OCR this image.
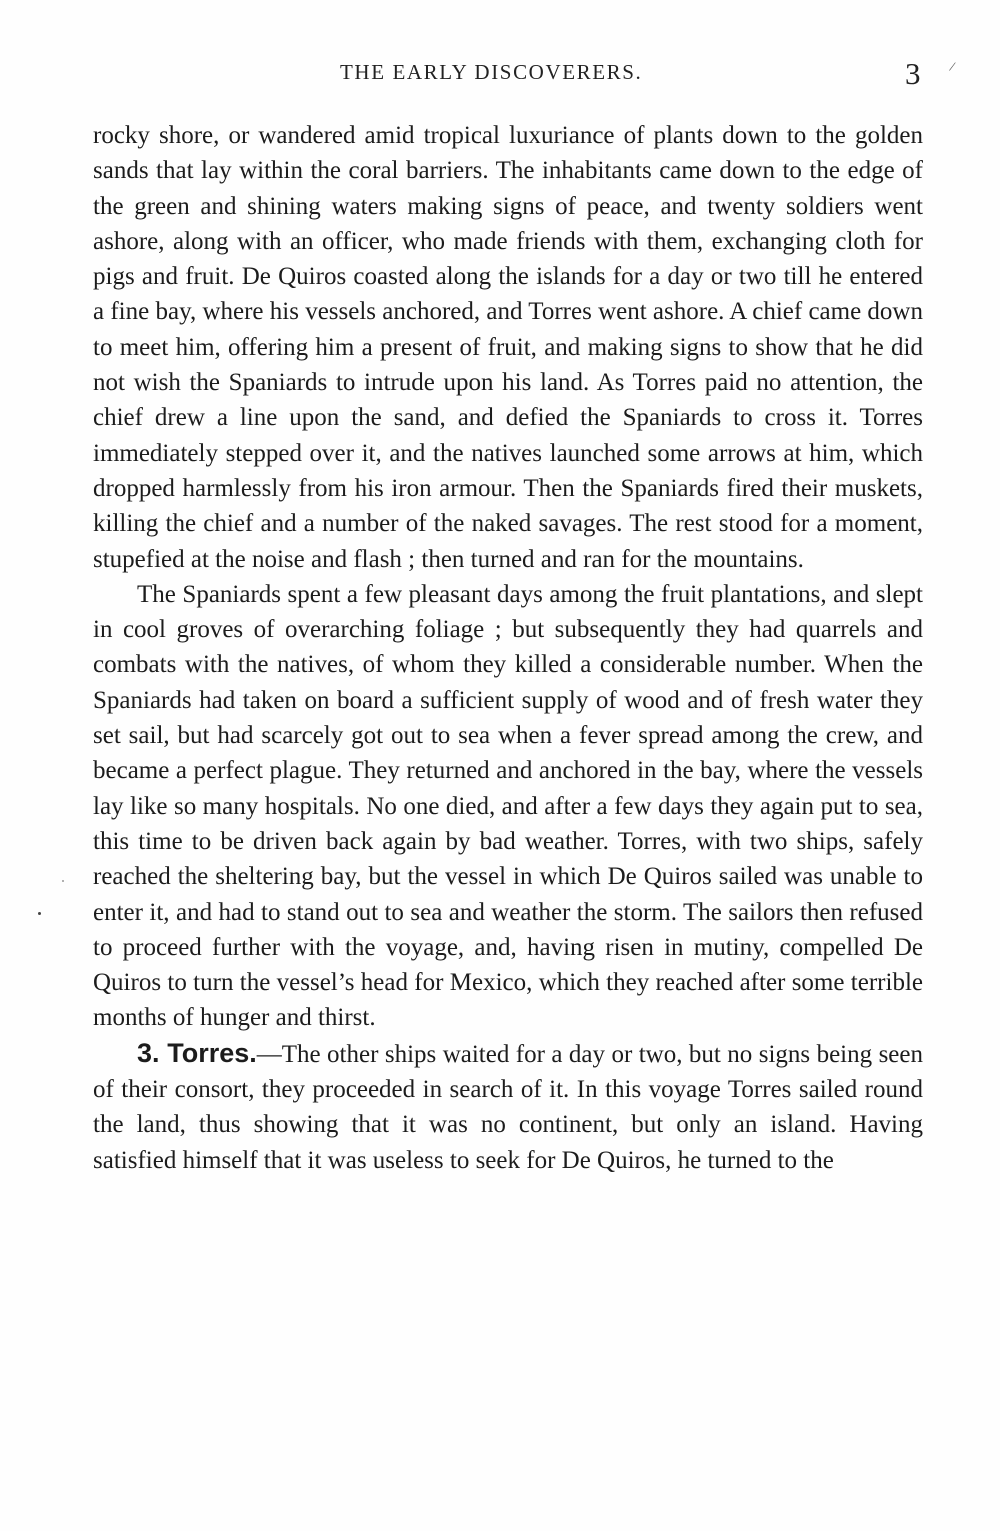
THE EARLY DISCOVERERS.	3 /

rocky shore, or wandered amid tropical luxuriance of plants down to the golden sands that lay within the coral barriers. The inhabitants came down to the edge of the green and shining waters making signs of peace, and twenty soldiers went ashore, along with an officer, who made friends with them, exchanging cloth for pigs and fruit. De Quiros coasted along the islands for a day or two till he entered a fine bay, where his vessels anchored, and Torres went ashore. A chief came down to meet him, offering him a present of fruit, and making signs to show that he did not wish the Spaniards to intrude upon his land. As Torres paid no attention, the chief drew a line upon the sand, and defied the Spaniards to cross it. Torres immediately stepped over it, and the natives launched some arrows at him, which dropped harmlessly from his iron armour. Then the Spaniards fired their muskets, killing the chief and a number of the naked savages. The rest stood for a moment, stupefied at the noise and flash ; then turned and ran for the mountains.

The Spaniards spent a few pleasant days among the fruit plantations, and slept in cool groves of overarching foliage ; but subsequently they had quarrels and combats with the natives, of whom they killed a considerable number. When the Spaniards had taken on board a sufficient supply of wood and of fresh water they set sail, but had scarcely got out to sea when a fever spread among the crew, and became a perfect plague. They returned and anchored in the bay, where the vessels lay like so many hospitals. No one died, and after a few days they again put to sea, this time to be driven back again by bad weather. Torres, with two ships, safely reached the sheltering bay, but the vessel in which De Quiros sailed was unable to enter it, and had to stand out to sea and weather the storm. The sailors then refused to proceed further with the voyage, and, having risen in mutiny, compelled De Quiros to turn the vessel’s head for Mexico, which they reached after some terrible months of hunger and thirst.

3. Torres.—The other ships waited for a day or two, but no signs being seen of their consort, they proceeded in search of it. In this voyage Torres sailed round the land, thus showing that it was no continent, but only an island. Having satisfied himself that it was useless to seek for De Quiros, he turned to the
